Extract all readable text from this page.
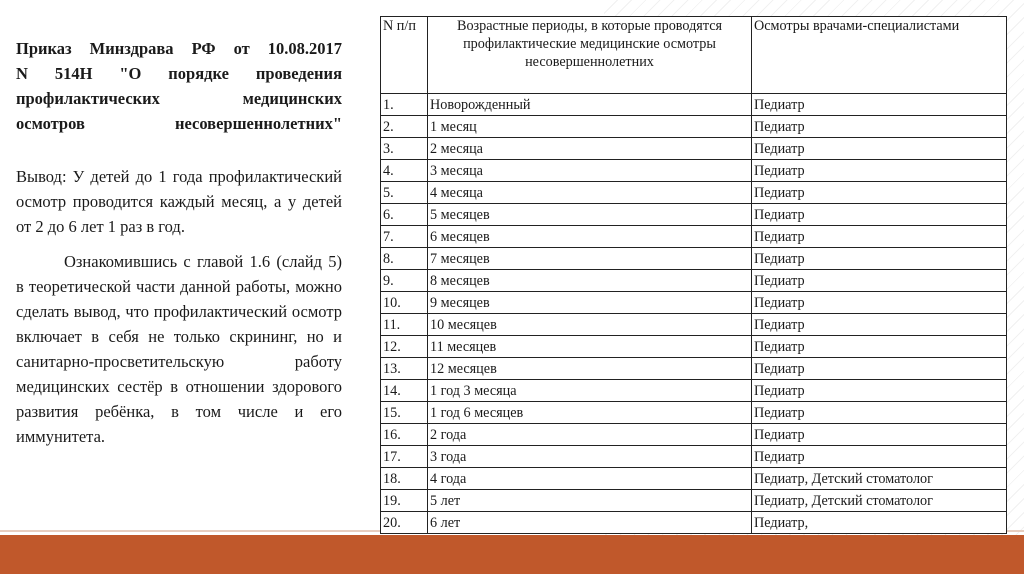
Приказ Минздрава РФ от 10.08.2017
N 514Н "О порядке проведения
профилактических медицинских
осмотров несовершеннолетних"

Вывод: У детей до 1 года профилактический осмотр проводится каждый месяц, а у детей от 2 до 6 лет 1 раз в год.

Ознакомившись с главой 1.6 (слайд 5) в теоретической части данной работы, можно сделать вывод, что профилактический осмотр включает в себя не только скрининг, но и санитарно-просветительскую работу медицинских сестёр в отношении здорового развития ребёнка, в том числе и его иммунитета.

N п/п	Возрастные периоды, в которые проводятся профилактические медицинские осмотры несовершеннолетних	Осмотры врачами-специалистами
1.	Новорожденный	Педиатр
2.	1 месяц	Педиатр
3.	2 месяца	Педиатр
4.	3 месяца	Педиатр
5.	4 месяца	Педиатр
6.	5 месяцев	Педиатр
7.	6 месяцев	Педиатр
8.	7 месяцев	Педиатр
9.	8 месяцев	Педиатр
10.	9 месяцев	Педиатр
11.	10 месяцев	Педиатр
12.	11 месяцев	Педиатр
13.	12 месяцев	Педиатр
14.	1 год 3 месяца	Педиатр
15.	1 год 6 месяцев	Педиатр
16.	2 года	Педиатр
17.	3 года	Педиатр
18.	4 года	Педиатр, Детский стоматолог
19.	5 лет	Педиатр, Детский стоматолог
20.	6 лет	Педиатр,
